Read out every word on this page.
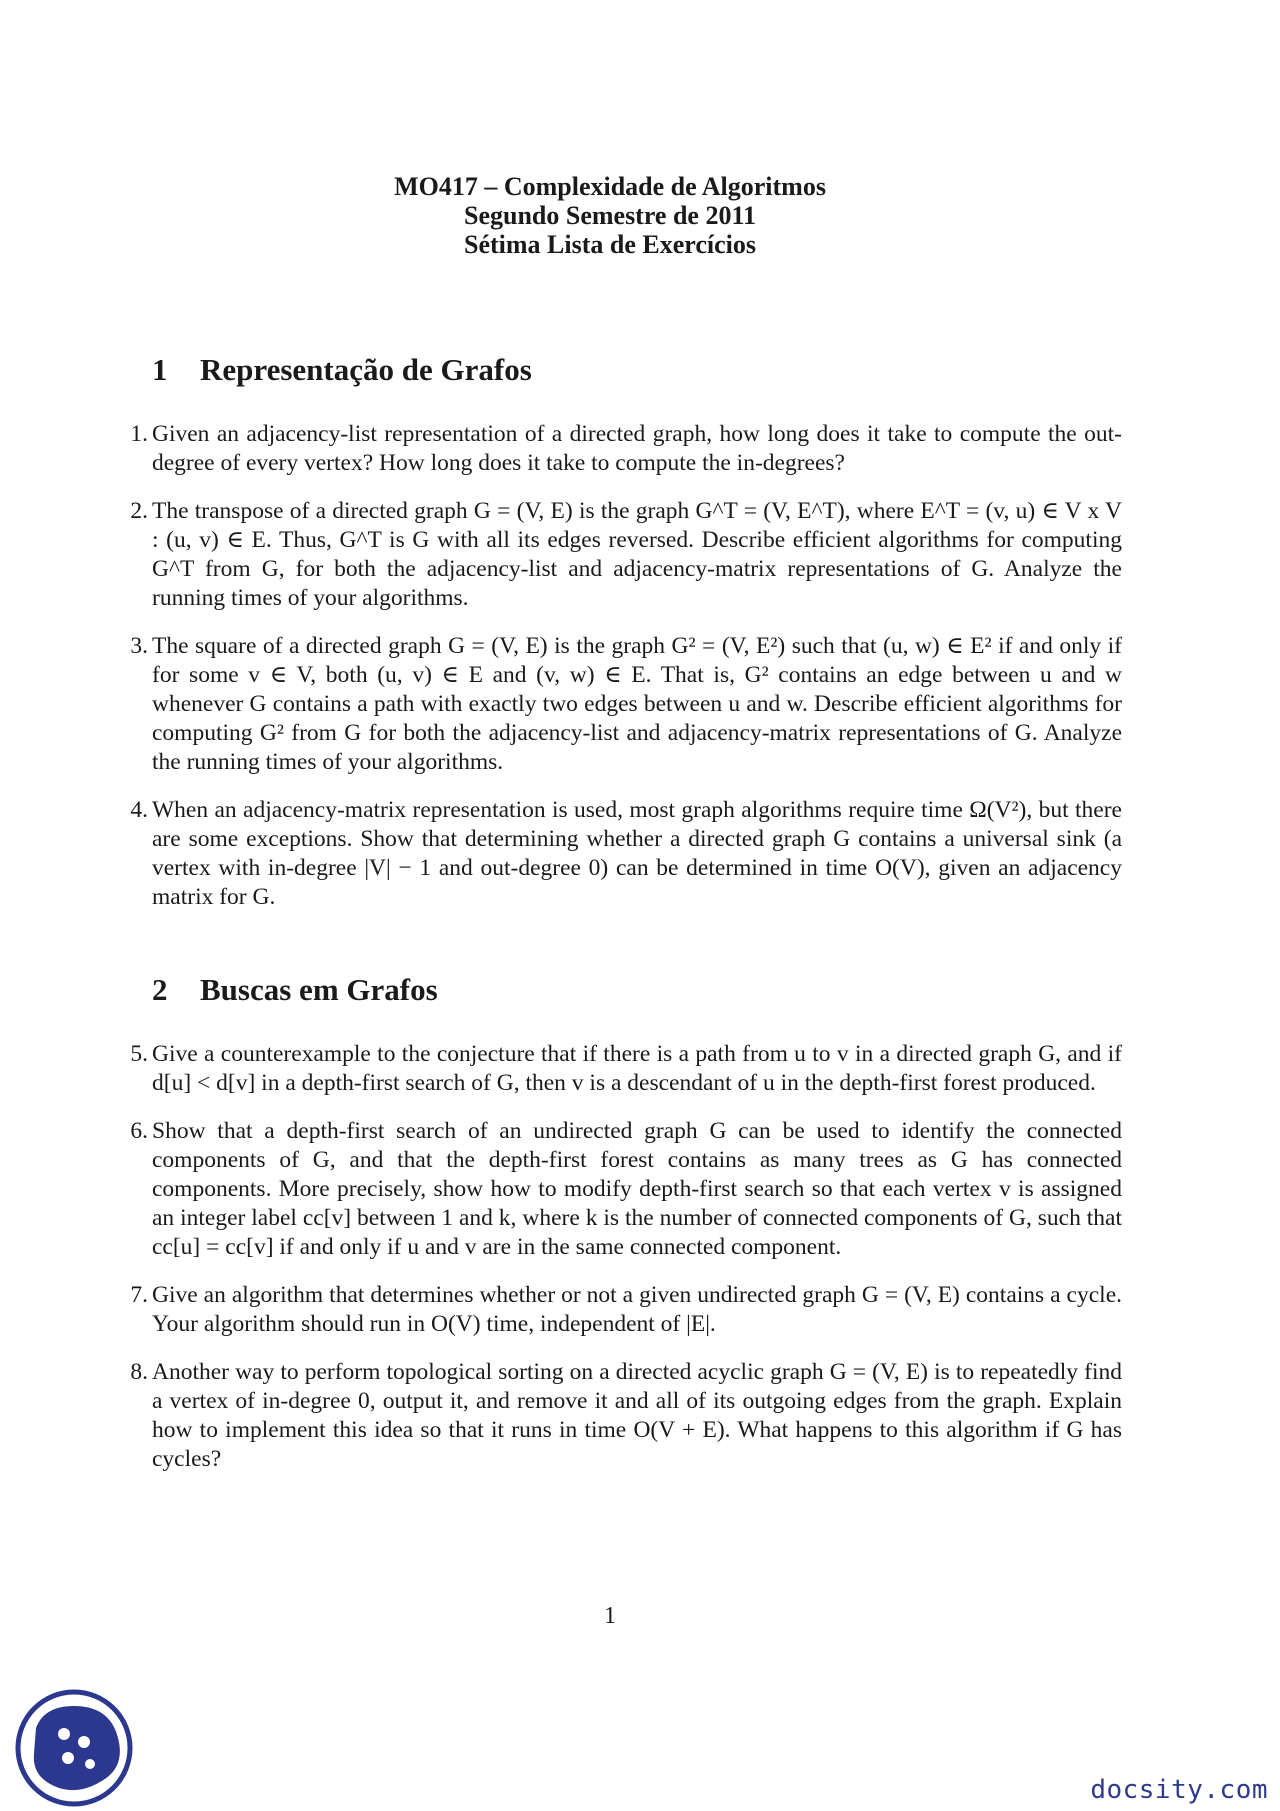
MO417 – Complexidade de Algoritmos
Segundo Semestre de 2011
Sétima Lista de Exercícios
1 Representação de Grafos
1. Given an adjacency-list representation of a directed graph, how long does it take to compute the out-degree of every vertex? How long does it take to compute the in-degrees?
2. The transpose of a directed graph G = (V, E) is the graph G^T = (V, E^T), where E^T = (v, u) ∈ V x V : (u, v) ∈ E. Thus, G^T is G with all its edges reversed. Describe efficient algorithms for computing G^T from G, for both the adjacency-list and adjacency-matrix representations of G. Analyze the running times of your algorithms.
3. The square of a directed graph G = (V, E) is the graph G² = (V, E²) such that (u, w) ∈ E² if and only if for some v ∈ V, both (u, v) ∈ E and (v, w) ∈ E. That is, G² contains an edge between u and w whenever G contains a path with exactly two edges between u and w. Describe efficient algorithms for computing G² from G for both the adjacency-list and adjacency-matrix representations of G. Analyze the running times of your algorithms.
4. When an adjacency-matrix representation is used, most graph algorithms require time Ω(V²), but there are some exceptions. Show that determining whether a directed graph G contains a universal sink (a vertex with in-degree |V| − 1 and out-degree 0) can be determined in time O(V), given an adjacency matrix for G.
2 Buscas em Grafos
5. Give a counterexample to the conjecture that if there is a path from u to v in a directed graph G, and if d[u] < d[v] in a depth-first search of G, then v is a descendant of u in the depth-first forest produced.
6. Show that a depth-first search of an undirected graph G can be used to identify the connected components of G, and that the depth-first forest contains as many trees as G has connected components. More precisely, show how to modify depth-first search so that each vertex v is assigned an integer label cc[v] between 1 and k, where k is the number of connected components of G, such that cc[u] = cc[v] if and only if u and v are in the same connected component.
7. Give an algorithm that determines whether or not a given undirected graph G = (V, E) contains a cycle. Your algorithm should run in O(V) time, independent of |E|.
8. Another way to perform topological sorting on a directed acyclic graph G = (V, E) is to repeatedly find a vertex of in-degree 0, output it, and remove it and all of its outgoing edges from the graph. Explain how to implement this idea so that it runs in time O(V + E). What happens to this algorithm if G has cycles?
1
docsity.com
